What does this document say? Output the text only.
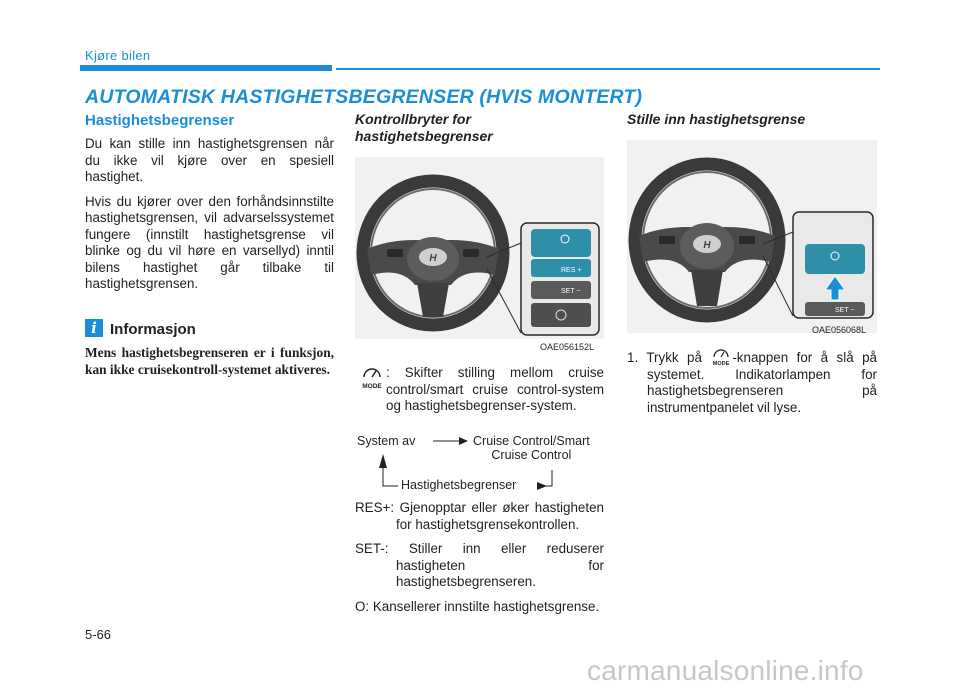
Kjøre bilen
AUTOMATISK HASTIGHETSBEGRENSER (HVIS MONTERT)
Hastighetsbegrenser

Du kan stille inn hastighetsgrensen når du ikke vil kjøre over en spesiell hastighet.

Hvis du kjører over den forhåndsinnstilte hastighetsgrensen, vil advarselssystemet fungere (innstilt hastighetsgrense vil blinke og du vil høre en varsellyd) inntil bilens hastighet går tilbake til hastighetsgrensen.

i Informasjon
Mens hastighetsbegrenseren er i funksjon, kan ikke cruisekontroll-systemet aktiveres.
Kontrollbryter for
hastighetsbegrenser
H
RES +
SET −
OAE056152L
MODE
: Skifter stilling mellom cruise control/smart cruise control-system og hastighetsbegrenser-system.
System av	Cruise Control/Smart
Cruise Control
Hastighetsbegrenser

RES+: Gjenopptar eller øker hastigheten for hastighetsgrensekontrollen.

SET-: Stiller inn eller reduserer hastigheten for hastighetsbegrenseren.

O: Kansellerer innstilte hastighetsgrense.

Stille inn hastighetsgrense
H
SET −
OAE056068L
1. Trykk på MODE -knappen for å slå på systemet. Indikatorlampen for hastighetsbegrenseren på instrumentpanelet vil lyse.
5-66
carmanualsonline.info
